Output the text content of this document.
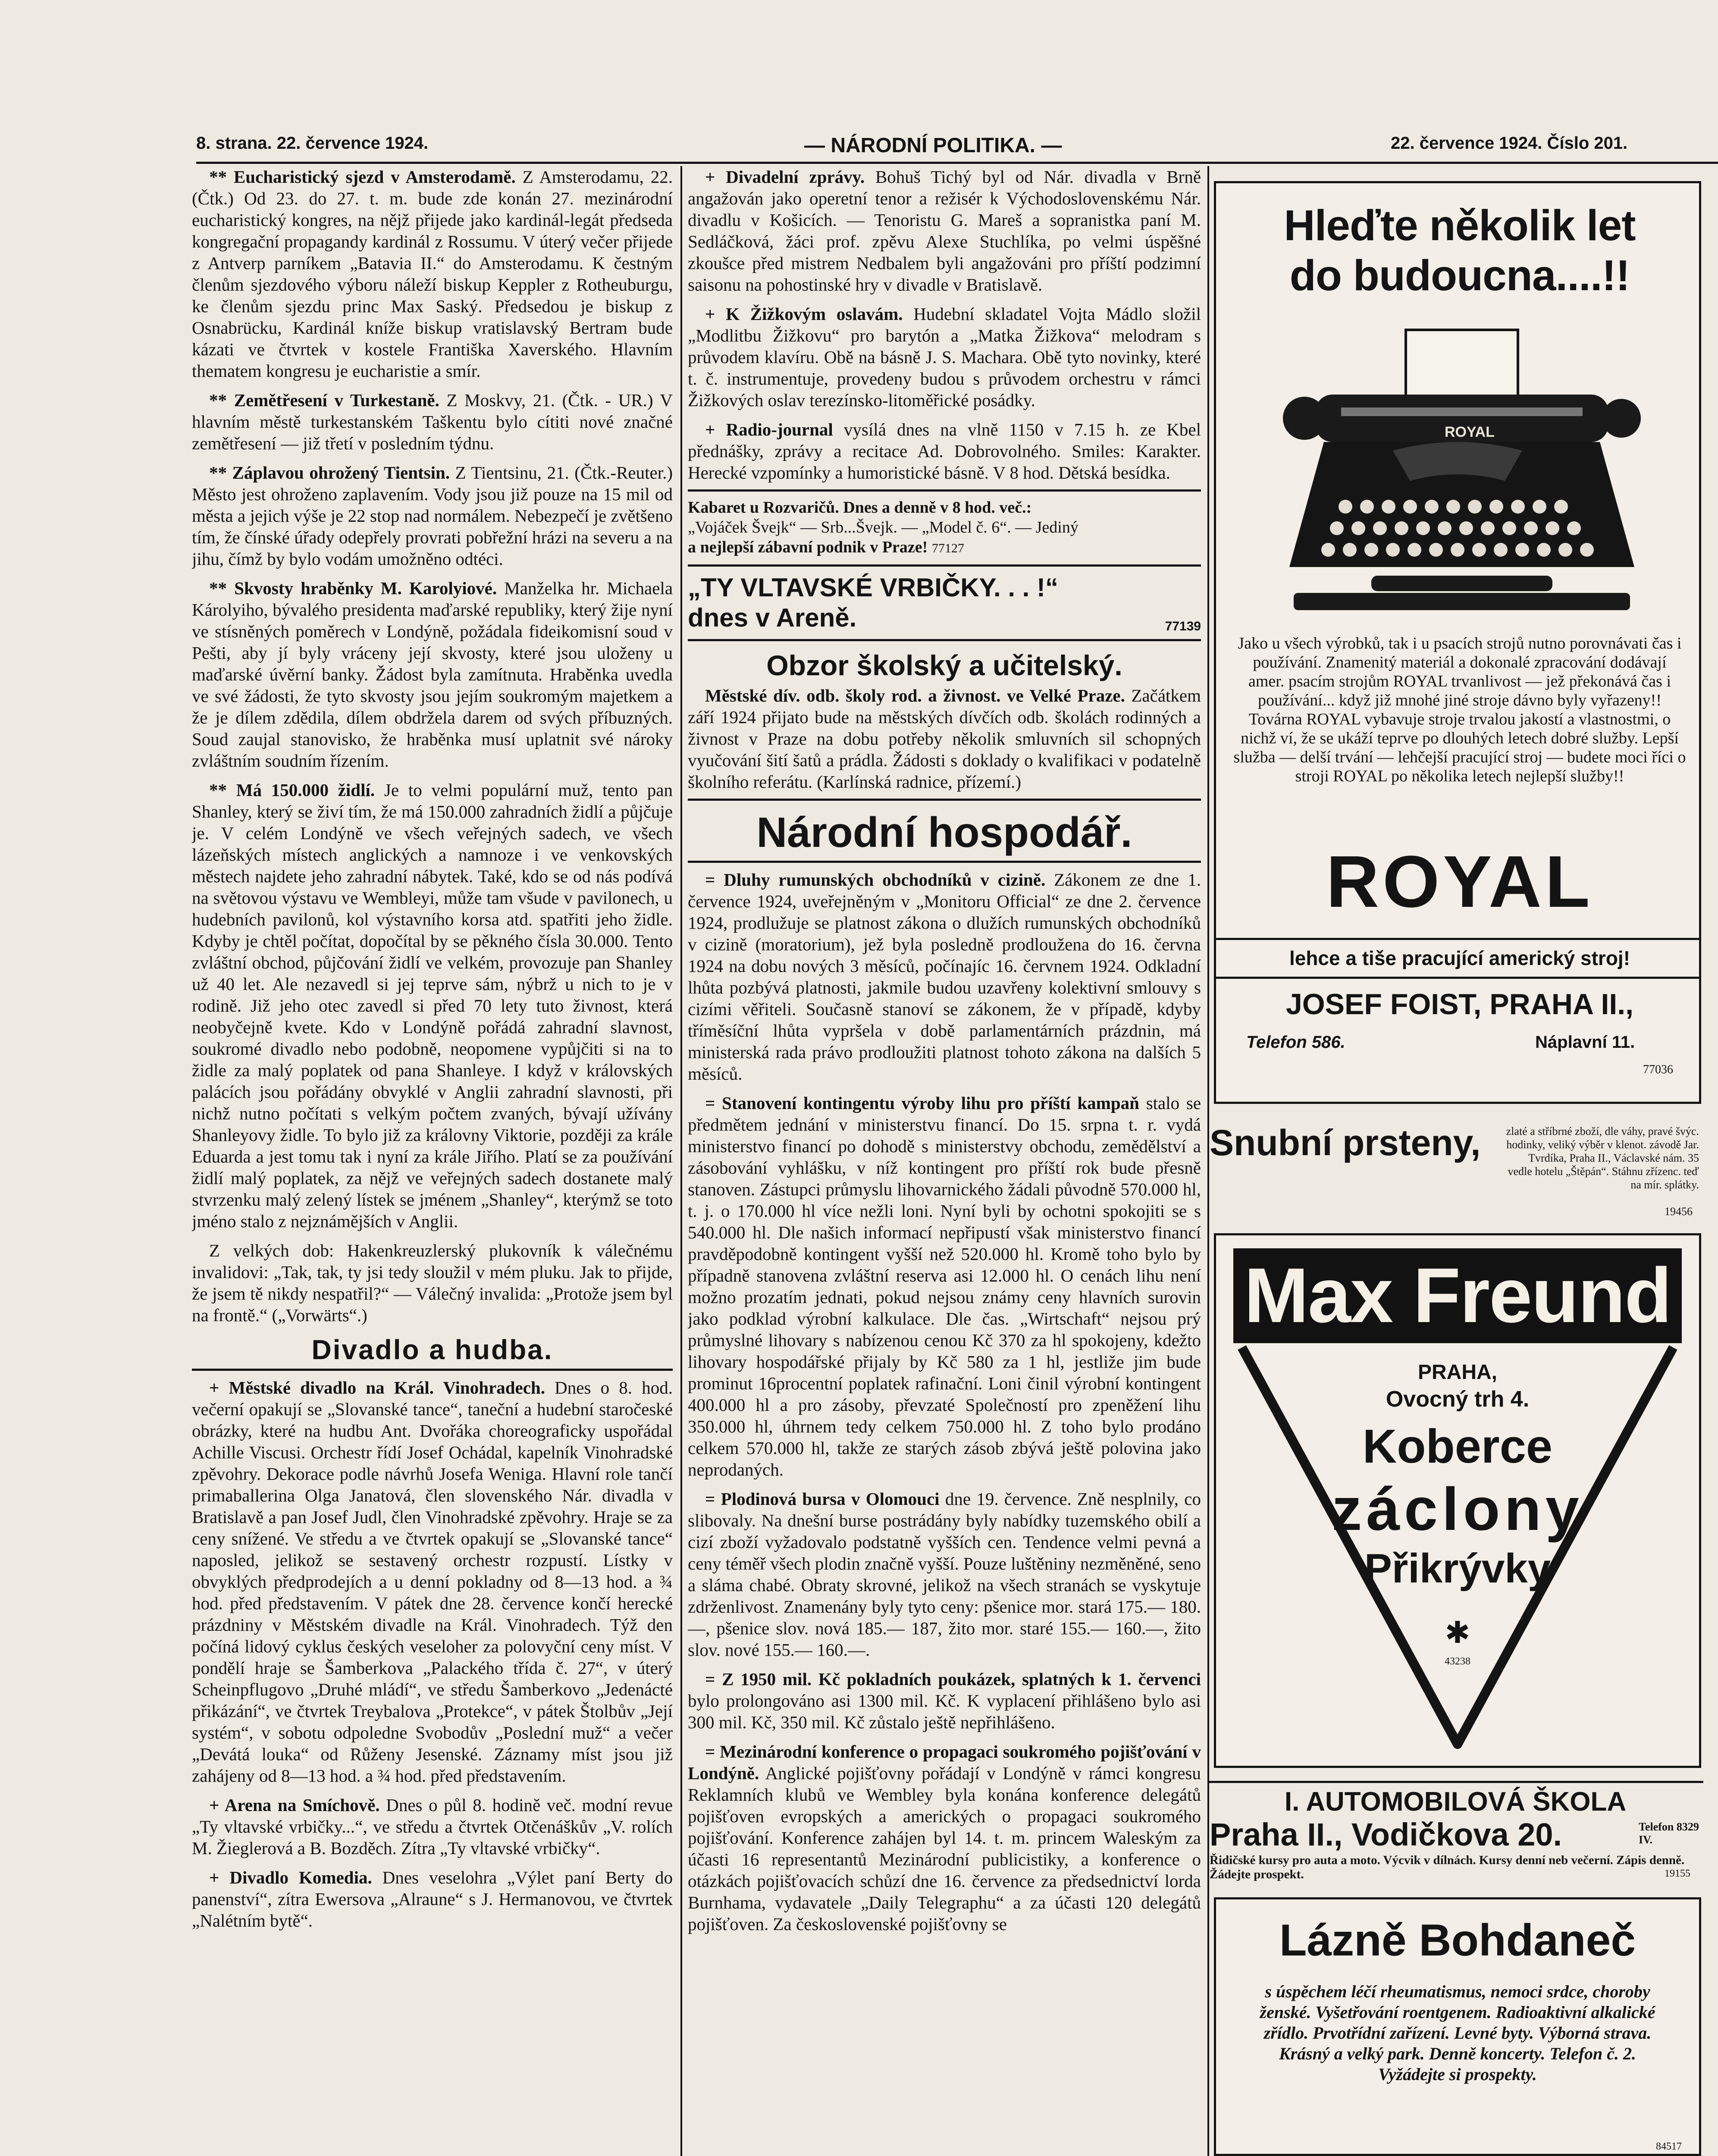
8. strana. 22. července 1924.	— NÁRODNÍ POLITIKA. —	22. července 1924. Číslo 201.

** Eucharistický sjezd v Amsterodamě. Z Amsterodamu, 22. (Čtk.) Od 23. do 27. t. m. bude zde konán 27. mezinárodní eucharistický kongres, na nějž přijede jako kardinál-legát předseda kongregační propagandy kardinál z Rossumu. V úterý večer přijede z Antverp parníkem „Batavia II.“ do Amsterodamu. K čestným členům sjezdového výboru náleží biskup Keppler z Rotheuburgu, ke členům sjezdu princ Max Saský. Předsedou je biskup z Osnabrücku, Kardinál kníže biskup vratislavský Bertram bude kázati ve čtvrtek v kostele Františka Xaverského. Hlavním thematem kongresu je eucharistie a smír.

** Zemětřesení v Turkestaně. Z Moskvy, 21. (Čtk. - UR.) V hlavním městě turkestanském Taškentu bylo cítiti nové značné zemětřesení — již třetí v posledním týdnu.

** Záplavou ohrožený Tientsin. Z Tientsinu, 21. (Čtk.-Reuter.) Město jest ohroženo zaplavením. Vody jsou již pouze na 15 mil od města a jejich výše je 22 stop nad normálem. Nebezpečí je zvětšeno tím, že čínské úřady odepřely provrati pobřežní hrázi na severu a na jihu, čímž by bylo vodám umožněno odtéci.

** Skvosty hraběnky M. Karolyiové. Manželka hr. Michaela Károlyiho, bývalého presidenta maďarské republiky, který žije nyní ve stísněných poměrech v Londýně, požádala fideikomisní soud v Pešti, aby jí byly vráceny její skvosty, které jsou uloženy u maďarské úvěrní banky. Žádost byla zamítnuta. Hraběnka uvedla ve své žádosti, že tyto skvosty jsou jejím soukromým majetkem a že je dílem zdědila, dílem obdržela darem od svých příbuzných. Soud zaujal stanovisko, že hraběnka musí uplatnit své nároky zvláštním soudním řízením.

** Má 150.000 židlí. Je to velmi populární muž, tento pan Shanley, který se živí tím, že má 150.000 zahradních židlí a půjčuje je. V celém Londýně ve všech veřejných sadech, ve všech lázeňských místech anglických a namnoze i ve venkovských městech najdete jeho zahradní nábytek. Také, kdo se od nás podívá na světovou výstavu ve Wembleyi, může tam všude v pavilonech, u hudebních pavilonů, kol výstavního korsa atd. spatřiti jeho židle. Kdyby je chtěl počítat, dopočítal by se pěkného čísla 30.000. Tento zvláštní obchod, půjčování židlí ve velkém, provozuje pan Shanley už 40 let. Ale nezavedl si jej teprve sám, nýbrž u nich to je v rodině. Již jeho otec zavedl si před 70 lety tuto živnost, která neobyčejně kvete. Kdo v Londýně pořádá zahradní slavnost, soukromé divadlo nebo podobně, neopomene vypůjčiti si na to židle za malý poplatek od pana Shanleye. I když v královských palácích jsou pořádány obvyklé v Anglii zahradní slavnosti, při nichž nutno počítati s velkým počtem zvaných, bývají užívány Shanleyovy židle. To bylo již za královny Viktorie, později za krále Eduarda a jest tomu tak i nyní za krále Jiřího. Platí se za používání židlí malý poplatek, za nějž ve veřejných sadech dostanete malý stvrzenku malý zelený lístek se jménem „Shanley“, kterýmž se toto jméno stalo z nejznámějších v Anglii.

Z velkých dob: Hakenkreuzlerský plukovník k válečnému invalidovi: „Tak, tak, ty jsi tedy sloužil v mém pluku. Jak to přijde, že jsem tě nikdy nespatřil?“ — Válečný invalida: „Protože jsem byl na frontě.“ („Vorwärts“.)

Divadlo a hudba.

+ Městské divadlo na Král. Vinohradech. Dnes o 8. hod. večerní opakují se „Slovanské tance“, taneční a hudební staročeské obrázky, které na hudbu Ant. Dvořáka choreograficky uspořádal Achille Viscusi. Orchestr řídí Josef Ochádal, kapelník Vinohradské zpěvohry. Dekorace podle návrhů Josefa Weniga. Hlavní role tančí primaballerina Olga Janatová, člen slovenského Nár. divadla v Bratislavě a pan Josef Judl, člen Vinohradské zpěvohry. Hraje se za ceny snížené. Ve středu a ve čtvrtek opakují se „Slovanské tance“ naposled, jelikož se sestavený orchestr rozpustí. Lístky v obvyklých předprodejích a u denní pokladny od 8—13 hod. a ¾ hod. před představením. V pátek dne 28. července končí herecké prázdniny v Městském divadle na Král. Vinohradech. Týž den počíná lidový cyklus českých veseloher za polovyční ceny míst. V pondělí hraje se Šamberkova „Palackého třída č. 27“, v úterý Scheinpflugovo „Druhé mládí“, ve středu Šamberkovo „Jedenácté přikázání“, ve čtvrtek Treybalova „Protekce“, v pátek Štolbův „Její systém“, v sobotu odpoledne Svobodův „Poslední muž“ a večer „Devátá louka“ od Růženy Jesenské. Záznamy míst jsou již zahájeny od 8—13 hod. a ¾ hod. před představením.

+ Arena na Smíchově. Dnes o půl 8. hodině več. modní revue „Ty vltavské vrbičky...“, ve středu a čtvrtek Otčenáškův „V. rolích M. Žieglerová a B. Bozděch. Zítra „Ty vltavské vrbičky“.

+ Divadlo Komedia. Dnes veselohra „Výlet paní Berty do panenství“, zítra Ewersova „Alraune“ s J. Hermanovou, ve čtvrtek „Nalétním bytě“.

+ Divadelní zprávy. Bohuš Tichý byl od Nár. divadla v Brně angažován jako operetní tenor a režisér k Východoslovenskému Nár. divadlu v Košicích. — Tenoristu G. Mareš a sopranistka paní M. Sedláčková, žáci prof. zpěvu Alexe Stuchlíka, po velmi úspěšné zkoušce před mistrem Nedbalem byli angažováni pro příští podzimní saisonu na pohostinské hry v divadle v Bratislavě.

+ K Žižkovým oslavám. Hudební skladatel Vojta Mádlo složil „Modlitbu Žižkovu“ pro barytón a „Matka Žižkova“ melodram s průvodem klavíru. Obě na básně J. S. Machara. Obě tyto novinky, které t. č. instrumentuje, provedeny budou s průvodem orchestru v rámci Žižkových oslav terezínsko-litoměřické posádky.

+ Radio-journal vysílá dnes na vlně 1150 v 7.15 h. ze Kbel přednášky, zprávy a recitace Ad. Dobrovolného. Smiles: Karakter. Herecké vzpomínky a humoristické básně. V 8 hod. Dětská besídka.

Kabaret u Rozvaričů. Dnes a denně v 8 hod. več.:
„Vojáček Švejk“ — Srb...Švejk. — „Model č. 6“. — Jediný
a nejlepší zábavní podnik v Praze! 77127
„TY VLTAVSKÉ VRBIČKY. . . !“
dnes v Areně.	77139
Obzor školský a učitelský.

Městské dív. odb. školy rod. a živnost. ve Velké Praze. Začátkem září 1924 přijato bude na městských dívčích odb. školách rodinných a živnost v Praze na dobu potřeby několik smluvních sil schopných vyučování šití šatů a prádla. Žádosti s doklady o kvalifikaci v podatelně školního referátu. (Karlínská radnice, přízemí.)

Národní hospodář.

= Dluhy rumunských obchodníků v cizině. Zákonem ze dne 1. července 1924, uveřejněným v „Monitoru Official“ ze dne 2. července 1924, prodlužuje se platnost zákona o dlužích rumunských obchodníků v cizině (moratorium), jež byla posledně prodloužena do 16. června 1924 na dobu nových 3 měsíců, počínajíc 16. červnem 1924. Odkladní lhůta pozbývá platnosti, jakmile budou uzavřeny kolektivní smlouvy s cizími věřiteli. Současně stanoví se zákonem, že v případě, kdyby tříměsíční lhůta vypršela v době parlamentárních prázdnin, má ministerská rada právo prodloužiti platnost tohoto zákona na dalších 5 měsíců.

= Stanovení kontingentu výroby lihu pro příští kampaň stalo se předmětem jednání v ministerstvu financí. Do 15. srpna t. r. vydá ministerstvo financí po dohodě s ministerstvy obchodu, zemědělství a zásobování vyhlášku, v níž kontingent pro příští rok bude přesně stanoven. Zástupci průmyslu lihovarnického žádali původně 570.000 hl, t. j. o 170.000 hl více nežli loni. Nyní byli by ochotni spokojiti se s 540.000 hl. Dle našich informací nepřipustí však ministerstvo financí pravděpodobně kontingent vyšší než 520.000 hl. Kromě toho bylo by případně stanovena zvláštní reserva asi 12.000 hl. O cenách lihu není možno prozatím jednati, pokud nejsou známy ceny hlavních surovin jako podklad výrobní kalkulace. Dle čas. „Wirtschaft“ nejsou prý průmyslné lihovary s nabízenou cenou Kč 370 za hl spokojeny, kdežto lihovary hospodářské přijaly by Kč 580 za 1 hl, jestliže jim bude prominut 16procentní poplatek rafinační. Loni činil výrobní kontingent 400.000 hl a pro zásoby, převzaté Společností pro zpeněžení lihu 350.000 hl, úhrnem tedy celkem 750.000 hl. Z toho bylo prodáno celkem 570.000 hl, takže ze starých zásob zbývá ještě polovina jako neprodaných.

= Plodinová bursa v Olomouci dne 19. července. Zně nesplnily, co slibovaly. Na dnešní burse postrádány byly nabídky tuzemského obilí a cizí zboží vyžadovalo podstatně vyšších cen. Tendence velmi pevná a ceny téměř všech plodin značně vyšší. Pouze luštěniny nezměněné, seno a sláma chabé. Obraty skrovné, jelikož na všech stranách se vyskytuje zdrženlivost. Znamenány byly tyto ceny: pšenice mor. stará 175.— 180.—, pšenice slov. nová 185.— 187, žito mor. staré 155.— 160.—, žito slov. nové 155.— 160.—.

= Z 1950 mil. Kč pokladních poukázek, splatných k 1. červenci bylo prolongováno asi 1300 mil. Kč. K vyplacení přihlášeno bylo asi 300 mil. Kč, 350 mil. Kč zůstalo ještě nepřihlášeno.

= Mezinárodní konference o propagaci soukromého pojišťování v Londýně. Anglické pojišťovny pořádají v Londýně v rámci kongresu Reklamních klubů ve Wembley byla konána konference delegátů pojišťoven evropských a amerických o propagaci soukromého pojišťování. Konference zahájen byl 14. t. m. princem Waleským za účasti 16 representantů Mezinárodní publicistiky, a konference o otázkách pojišťovacích schůzí dne 16. července za předsednictví lorda Burnhama, vydavatele „Daily Telegraphu“ a za účasti 120 delegátů pojišťoven. Za československé pojišťovny se

Hleďte několik let
do budoucna....!!
ROYAL
Jako u všech výrobků, tak i u psacích strojů nutno porovnávati čas i používání. Znamenitý materiál a dokonalé zpracování dodávají amer. psacím strojům ROYAL trvanlivost — jež překonává čas i používání... když již mnohé jiné stroje dávno byly vyřazeny!! Továrna ROYAL vybavuje stroje trvalou jakostí a vlastnostmi, o nichž ví, že se ukáží teprve po dlouhých letech dobré služby. Lepší služba — delší trvání — lehčejší pracující stroj — budete moci říci o stroji ROYAL po několika letech nejlepší služby!!
ROYAL
lehce a tiše pracující americký stroj!
JOSEF FOIST, PRAHA II.,
Telefon 586.	Náplavní 11.
77036
Snubní prsteny, zlaté a stříbrné zboží, dle váhy, pravé švýc. hodinky, veliký výběr v klenot. závodě Jar. Tvrdíka, Praha II., Václavské nám. 35 vedle hotelu „Štěpán“. Stáhnu zřízenc. teď na mír. splátky.
19456
Max Freund
PRAHA,
Ovocný trh 4.
Koberce
záclony
Přikrývky
✱
43238
I. AUTOMOBILOVÁ ŠKOLA
Praha II., Vodičkova 20.	Telefon 8329 IV.
Řidičské kursy pro auta a moto. Výcvik v dílnách. Kursy denní neb večerní. Zápis denně. Žádejte prospekt.	19155
Lázně Bohdaneč
s úspěchem léčí rheumatismus, nemoci srdce, choroby ženské. Vyšetřování roentgenem. Radioaktivní alkalické zřídlo. Prvotřídní zařízení. Levné byty. Výborná strava. Krásný a velký park. Denně koncerty. Telefon č. 2. Vyžádejte si prospekty.
84517
